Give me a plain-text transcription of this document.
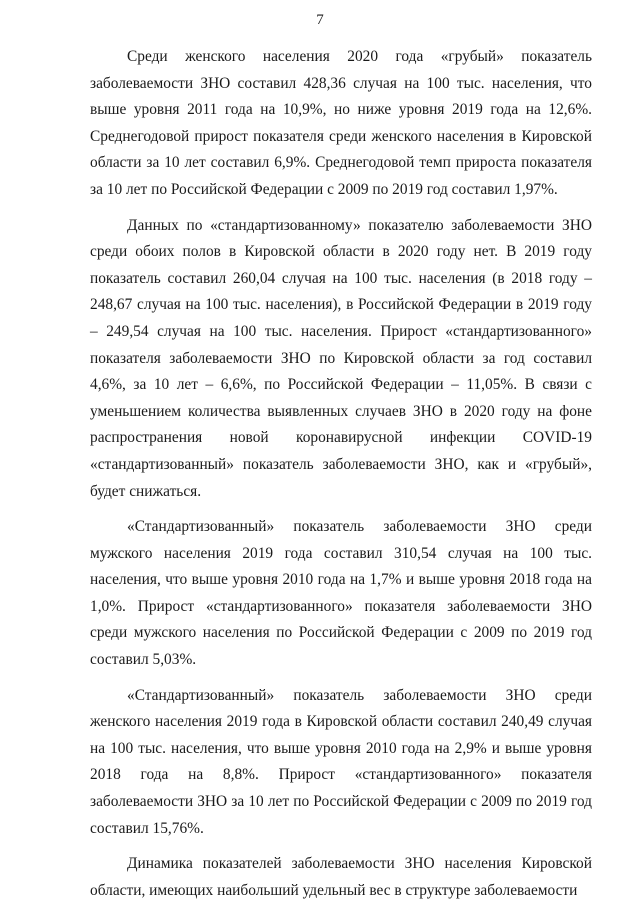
7

Среди женского населения 2020 года «грубый» показатель заболеваемости ЗНО составил 428,36 случая на 100 тыс. населения, что выше уровня 2011 года на 10,9%, но ниже уровня 2019 года на 12,6%. Среднегодовой прирост показателя среди женского населения в Кировской области за 10 лет составил 6,9%. Среднегодовой темп прироста показателя за 10 лет по Российской Федерации с 2009 по 2019 год составил 1,97%.

Данных по «стандартизованному» показателю заболеваемости ЗНО среди обоих полов в Кировской области в 2020 году нет. В 2019 году показатель составил 260,04 случая на 100 тыс. населения (в 2018 году – 248,67 случая на 100 тыс. населения), в Российской Федерации в 2019 году – 249,54 случая на 100 тыс. населения. Прирост «стандартизованного» показателя заболеваемости ЗНО по Кировской области за год составил 4,6%, за 10 лет – 6,6%, по Российской Федерации – 11,05%. В связи с уменьшением количества выявленных случаев ЗНО в 2020 году на фоне распространения новой коронавирусной инфекции COVID-19 «стандартизованный» показатель заболеваемости ЗНО, как и «грубый», будет снижаться.

«Стандартизованный» показатель заболеваемости ЗНО среди мужского населения 2019 года составил 310,54 случая на 100 тыс. населения, что выше уровня 2010 года на 1,7% и выше уровня 2018 года на 1,0%. Прирост «стандартизованного» показателя заболеваемости ЗНО среди мужского населения по Российской Федерации с 2009 по 2019 год составил 5,03%.

«Стандартизованный» показатель заболеваемости ЗНО среди женского населения 2019 года в Кировской области составил 240,49 случая на 100 тыс. населения, что выше уровня 2010 года на 2,9% и выше уровня 2018 года на 8,8%. Прирост «стандартизованного» показателя заболеваемости ЗНО за 10 лет по Российской Федерации с 2009 по 2019 год составил 15,76%.

Динамика показателей заболеваемости ЗНО населения Кировской области, имеющих наибольший удельный вес в структуре заболеваемости
